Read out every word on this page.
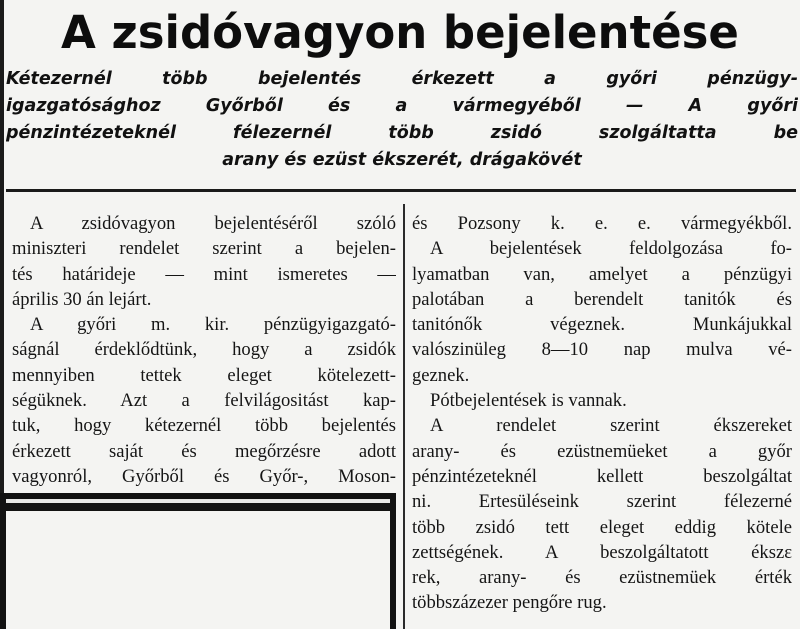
A zsidóvagyon bejelentése
Kétezernél több bejelentés érkezett a győri pénzügy-
igazgatósághoz Győrből és a vármegyéből — A győri
pénzintézeteknél félezernél több zsidó szolgáltatta be
arany és ezüst ékszerét, drágakövét
A zsidóvagyon bejelentéséről szóló
miniszteri rendelet szerint a bejelen-
tés határideje — mint ismeretes —
április 30 án lejárt.
A győri m. kir. pénzügyigazgató-
ságnál érdeklődtünk, hogy a zsidók
mennyiben tettek eleget kötelezett-
ségüknek. Azt a felvilágositást kap-
tuk, hogy kétezernél több bejelentés
érkezett saját és megőrzésre adott
vagyonról, Győrből és Győr-, Moson-
és Pozsony k. e. e. vármegyékből.
A bejelentések feldolgozása fo-
lyamatban van, amelyet a pénzügyi
palotában a berendelt tanitók és
tanitónők végeznek. Munkájukkal
valószinüleg 8—10 nap mulva vé-
geznek.
Pótbejelentések is vannak.
A rendelet szerint ékszereket
arany- és ezüstnemüeket a győr
pénzintézeteknél kellett beszolgáltat
ni. Ertesüléseink szerint félezerné
több zsidó tett eleget eddig kötele
zettségének. A beszolgáltatott ékszε
rek, arany- és ezüstnemüek érték
többszázezer pengőre rug.
